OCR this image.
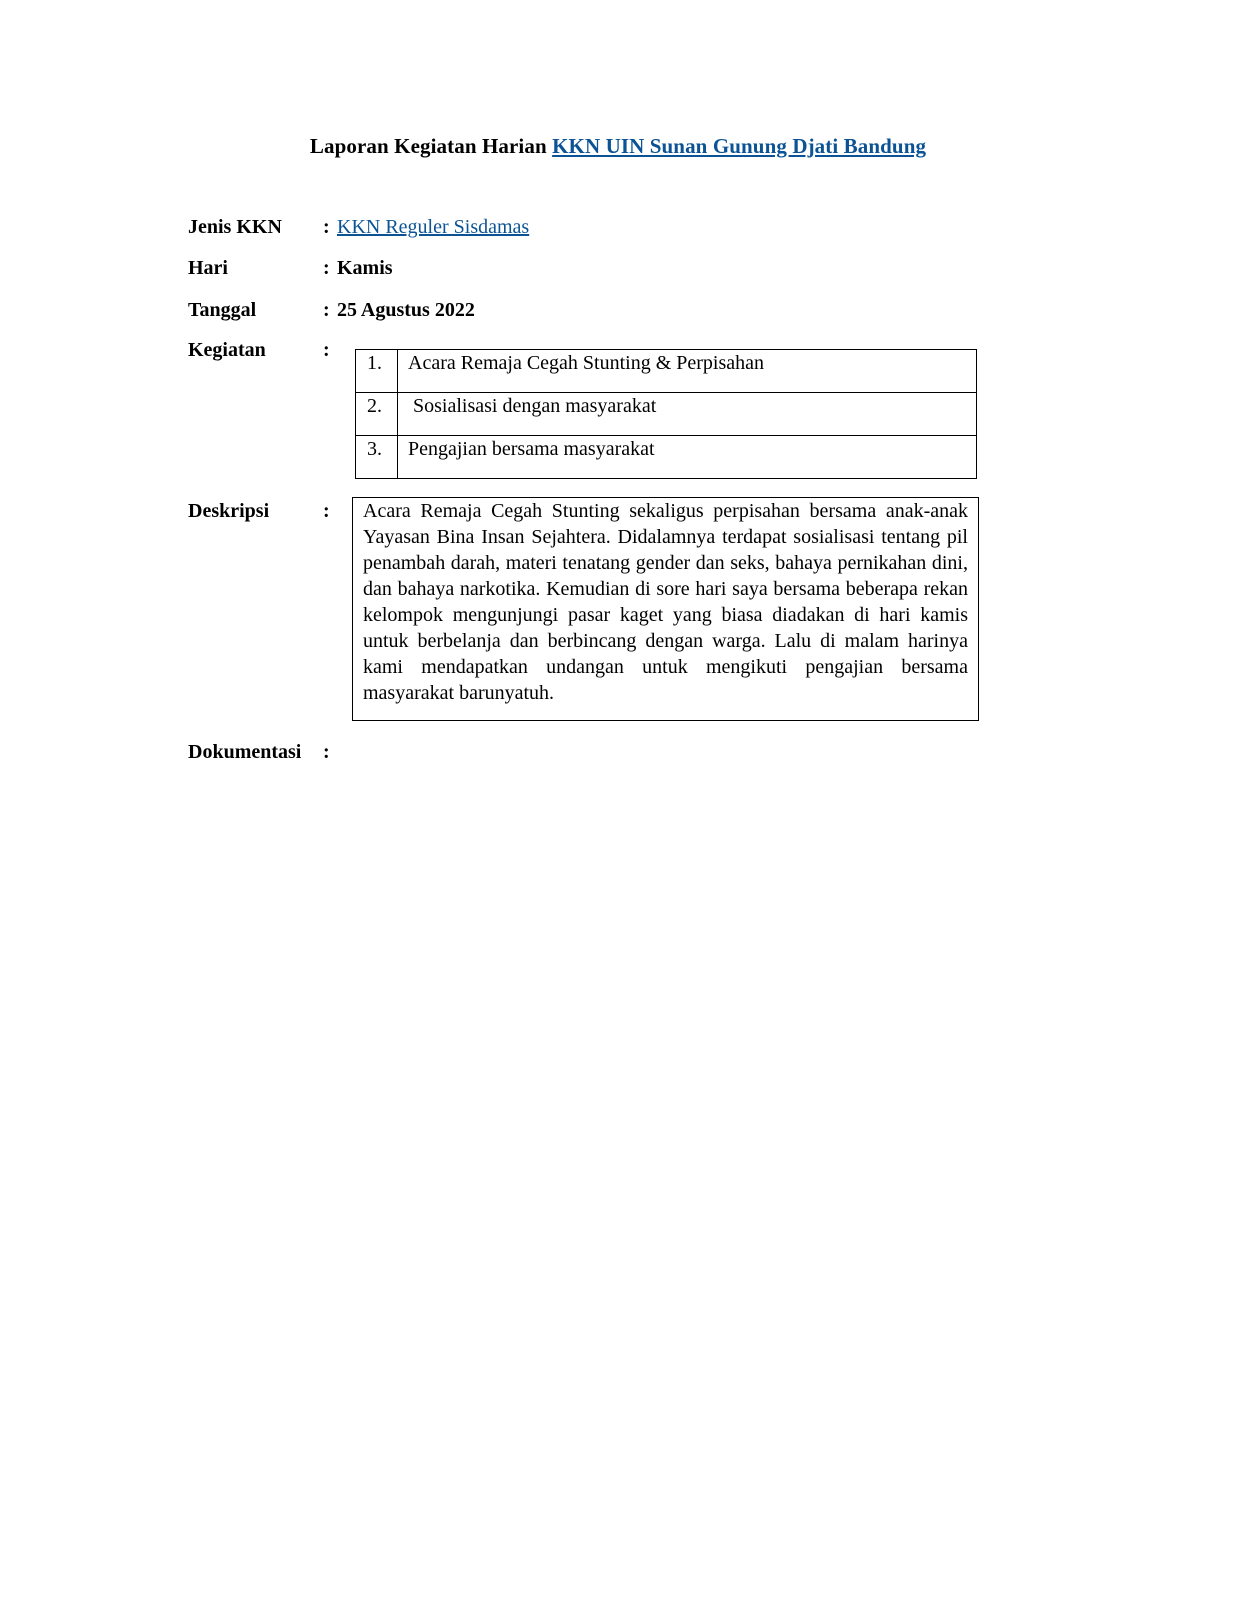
Laporan Kegiatan Harian KKN UIN Sunan Gunung Djati Bandung
Jenis KKN : KKN Reguler Sisdamas
Hari	: Kamis
Tanggal	: 25 Agustus 2022
Kegiatan	:
1.	Acara Remaja Cegah Stunting & Perpisahan
2.	Sosialisasi dengan masyarakat
3.	Pengajian bersama masyarakat
Deskripsi	:	Acara Remaja Cegah Stunting sekaligus perpisahan bersama anak-anak Yayasan Bina Insan Sejahtera. Didalamnya terdapat sosialisasi tentang pil penambah darah, materi tenatang gender dan seks, bahaya pernikahan dini, dan bahaya narkotika. Kemudian di sore hari saya bersama beberapa rekan kelompok mengunjungi pasar kaget yang biasa diadakan di hari kamis untuk berbelanja dan berbincang dengan warga. Lalu di malam harinya kami mendapatkan undangan untuk mengikuti pengajian bersama masyarakat barunyatuh.
Dokumentasi :
